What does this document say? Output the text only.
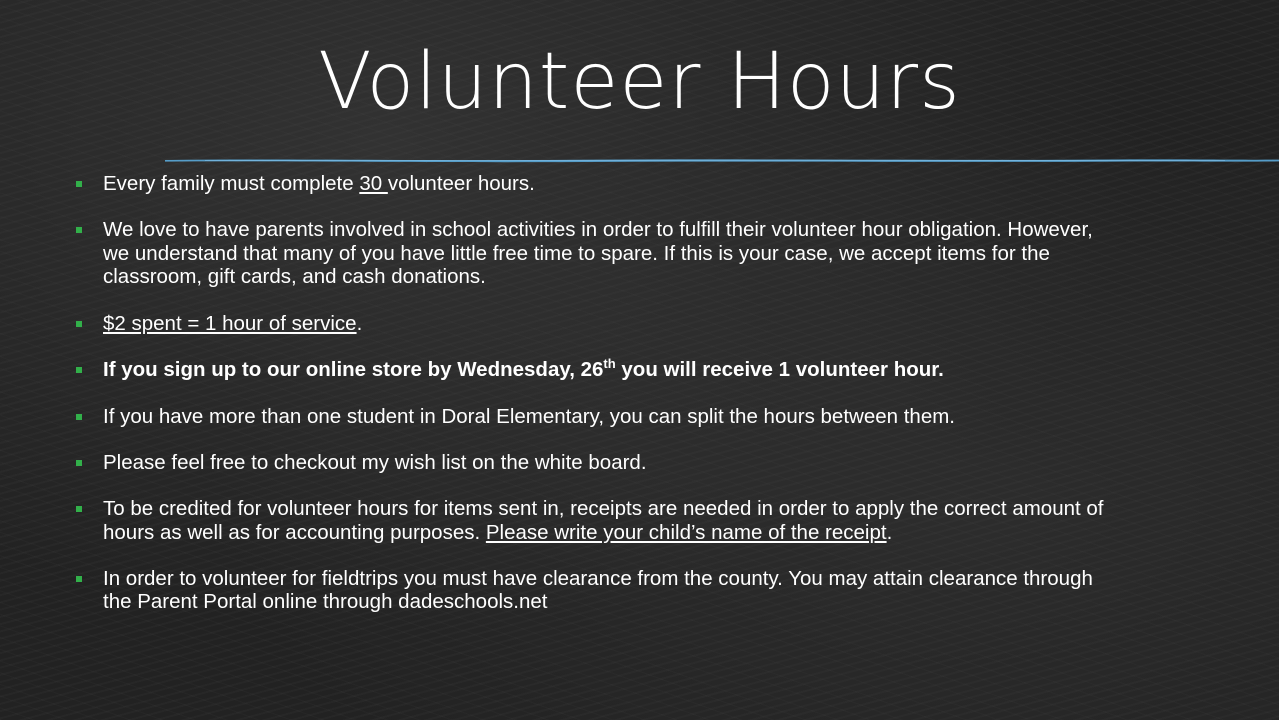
Volunteer Hours
Every family must complete 30 volunteer hours.
We love to have parents involved in school activities in order to fulfill their volunteer hour obligation. However, we understand that many of you have little free time to spare. If this is your case, we accept items for the classroom, gift cards, and cash donations.
$2 spent = 1 hour of service.
If you sign up to our online store by Wednesday, 26th you will receive 1 volunteer hour.
If you have more than one student in Doral Elementary, you can split the hours between them.
Please feel free to checkout my wish list on the white board.
To be credited for volunteer hours for items sent in, receipts are needed in order to apply the correct amount of hours as well as for accounting purposes. Please write your child’s name of the receipt.
In order to volunteer for fieldtrips you must have clearance from the county. You may attain clearance through the Parent Portal online through dadeschools.net
